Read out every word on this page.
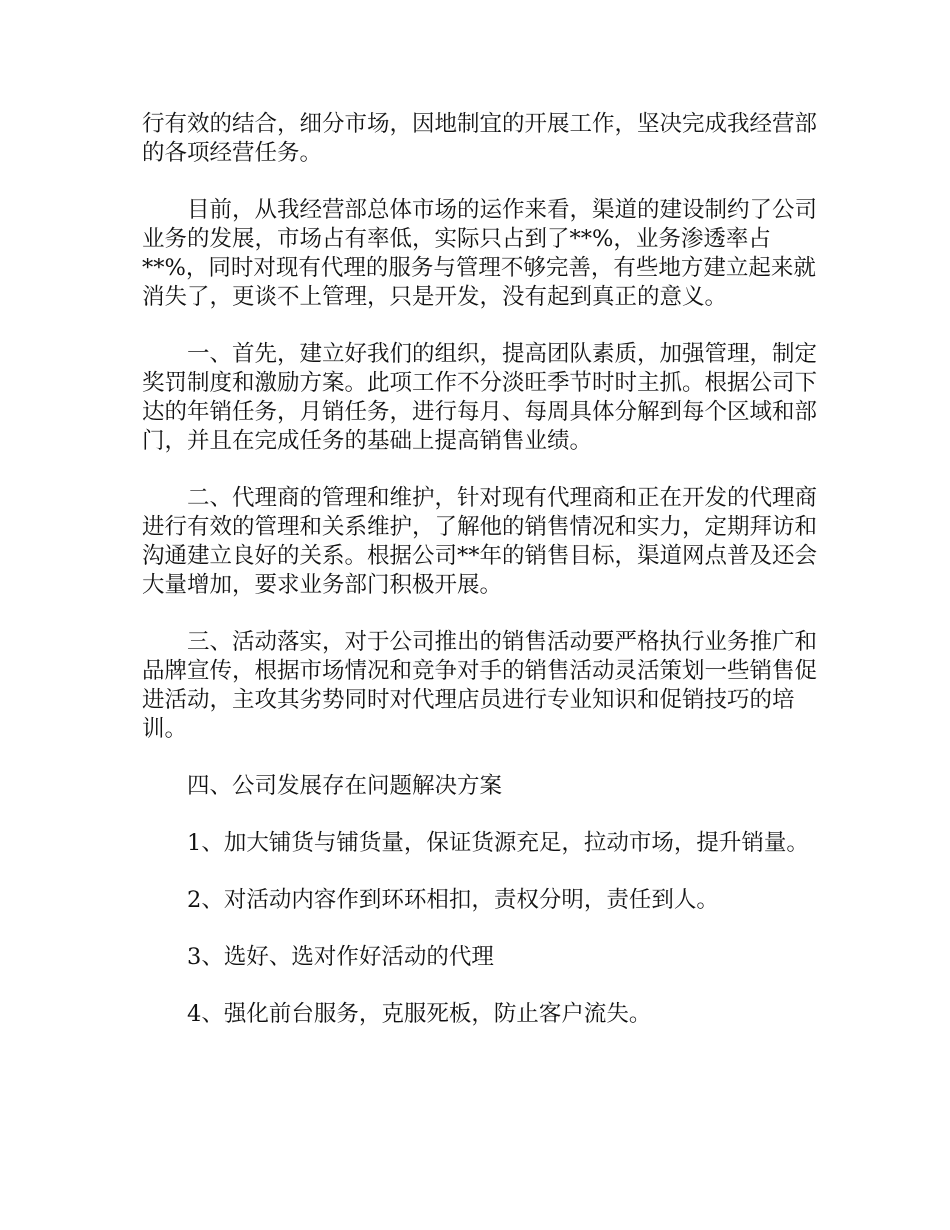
行有效的结合，细分市场，因地制宜的开展工作，坚决完成我经营部的各项经营任务。

目前，从我经营部总体市场的运作来看，渠道的建设制约了公司业务的发展，市场占有率低，实际只占到了**%，业务渗透率占**%，同时对现有代理的服务与管理不够完善，有些地方建立起来就消失了，更谈不上管理，只是开发，没有起到真正的意义。

一、首先，建立好我们的组织，提高团队素质，加强管理，制定奖罚制度和激励方案。此项工作不分淡旺季节时时主抓。根据公司下达的年销任务，月销任务，进行每月、每周具体分解到每个区域和部门，并且在完成任务的基础上提高销售业绩。

二、代理商的管理和维护，针对现有代理商和正在开发的代理商进行有效的管理和关系维护，了解他的销售情况和实力，定期拜访和沟通建立良好的关系。根据公司**年的销售目标，渠道网点普及还会大量增加，要求业务部门积极开展。

三、活动落实，对于公司推出的销售活动要严格执行业务推广和品牌宣传，根据市场情况和竞争对手的销售活动灵活策划一些销售促进活动，主攻其劣势同时对代理店员进行专业知识和促销技巧的培训。

四、公司发展存在问题解决方案

1、加大铺货与铺货量，保证货源充足，拉动市场，提升销量。

2、对活动内容作到环环相扣，责权分明，责任到人。

3、选好、选对作好活动的代理

4、强化前台服务，克服死板，防止客户流失。
